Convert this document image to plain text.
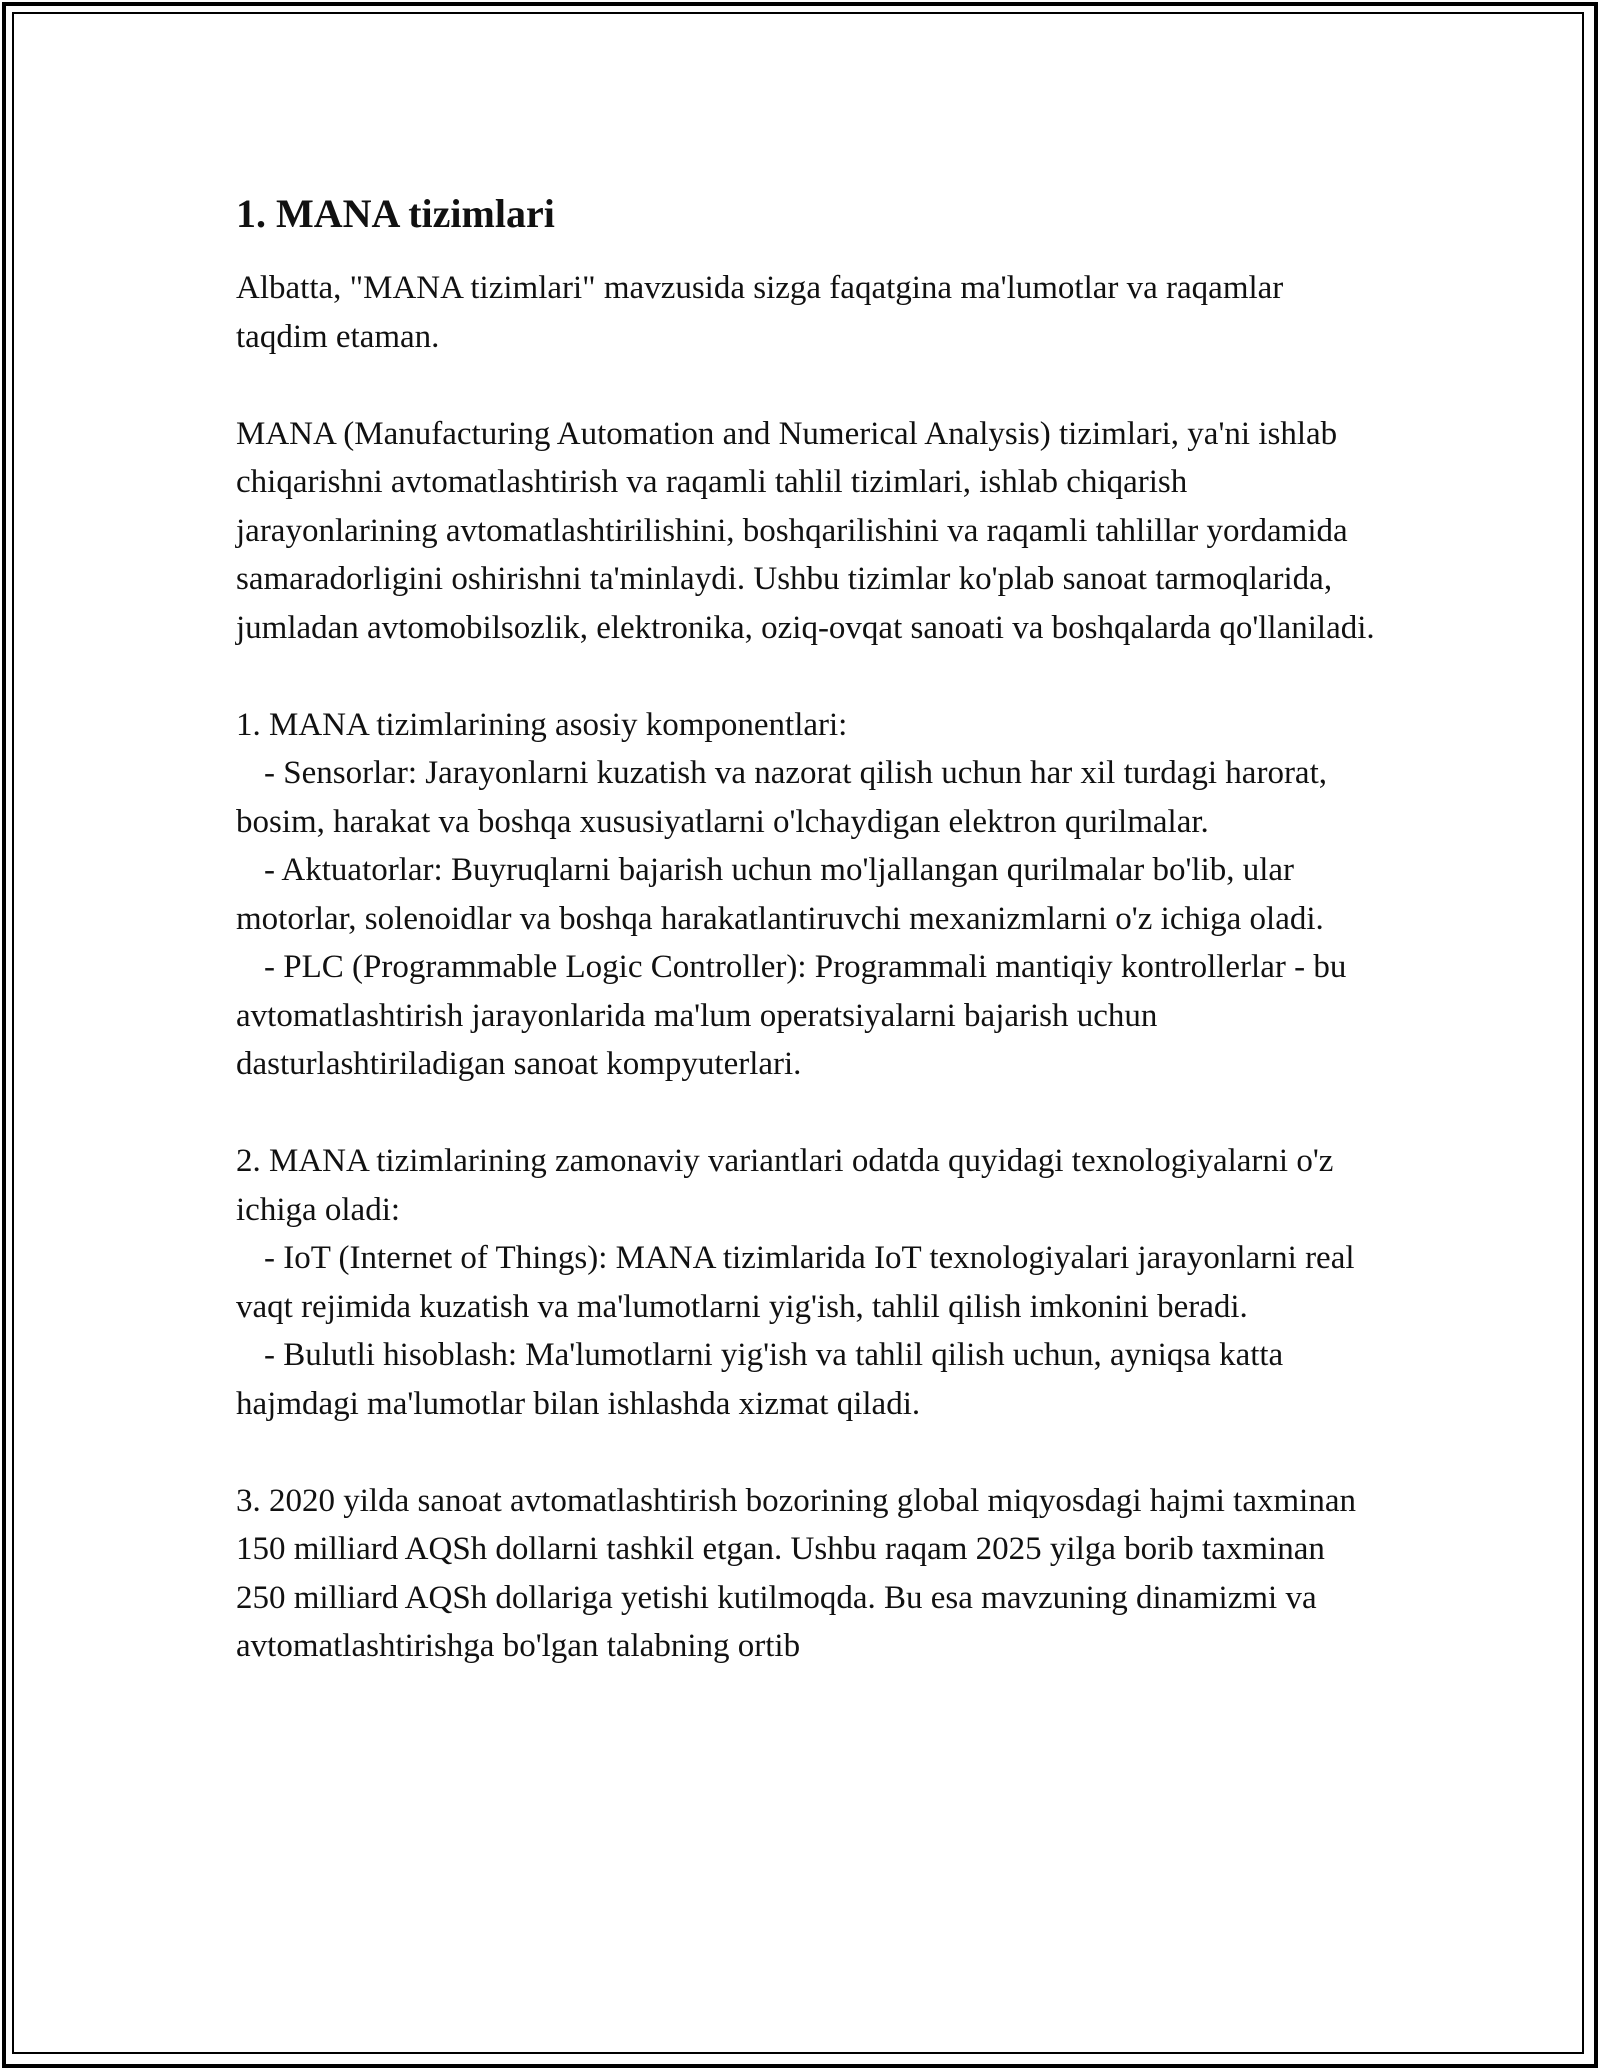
1. MANA tizimlari

Albatta, "MANA tizimlari" mavzusida sizga faqatgina ma'lumotlar va raqamlar taqdim etaman.

MANA (Manufacturing Automation and Numerical Analysis) tizimlari, ya'ni ishlab chiqarishni avtomatlashtirish va raqamli tahlil tizimlari, ishlab chiqarish jarayonlarining avtomatlashtirilishini, boshqarilishini va raqamli tahlillar yordamida samaradorligini oshirishni ta'minlaydi. Ushbu tizimlar ko'plab sanoat tarmoqlarida, jumladan avtomobilsozlik, elektronika, oziq-ovqat sanoati va boshqalarda qo'llaniladi.

1. MANA tizimlarining asosiy komponentlari:
- Sensorlar: Jarayonlarni kuzatish va nazorat qilish uchun har xil turdagi harorat, bosim, harakat va boshqa xususiyatlarni o'lchaydigan elektron qurilmalar.
- Aktuatorlar: Buyruqlarni bajarish uchun mo'ljallangan qurilmalar bo'lib, ular motorlar, solenoidlar va boshqa harakatlantiruvchi mexanizmlarni o'z ichiga oladi.
- PLC (Programmable Logic Controller): Programmali mantiqiy kontrollerlar - bu avtomatlashtirish jarayonlarida ma'lum operatsiyalarni bajarish uchun dasturlashtiriladigan sanoat kompyuterlari.
2. MANA tizimlarining zamonaviy variantlari odatda quyidagi texnologiyalarni o'z ichiga oladi:
- IoT (Internet of Things): MANA tizimlarida IoT texnologiyalari jarayonlarni real vaqt rejimida kuzatish va ma'lumotlarni yig'ish, tahlil qilish imkonini beradi.
- Bulutli hisoblash: Ma'lumotlarni yig'ish va tahlil qilish uchun, ayniqsa katta hajmdagi ma'lumotlar bilan ishlashda xizmat qiladi.

3. 2020 yilda sanoat avtomatlashtirish bozorining global miqyosdagi hajmi taxminan 150 milliard AQSh dollarni tashkil etgan. Ushbu raqam 2025 yilga borib taxminan 250 milliard AQSh dollariga yetishi kutilmoqda. Bu esa mavzuning dinamizmi va avtomatlashtirishga bo'lgan talabning ortib
